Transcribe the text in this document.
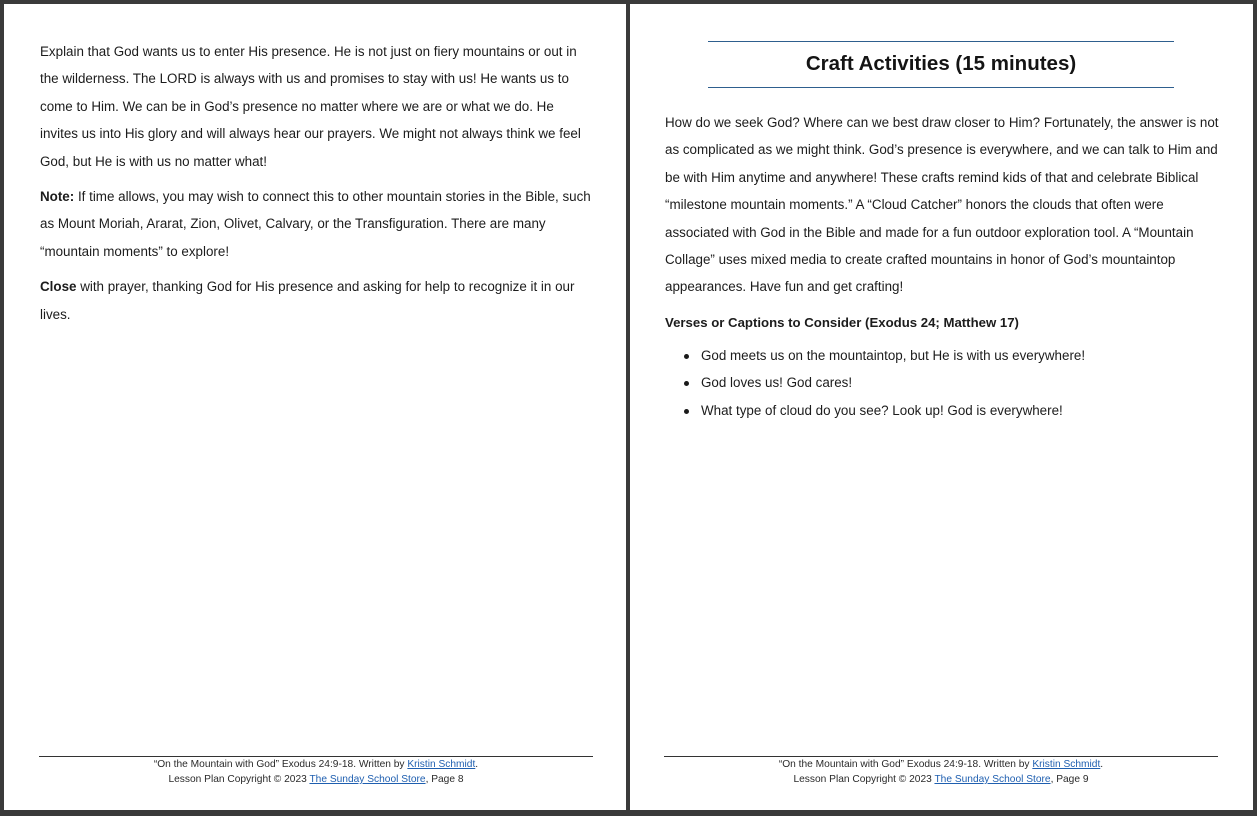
Explain that God wants us to enter His presence. He is not just on fiery mountains or out in the wilderness. The LORD is always with us and promises to stay with us! He wants us to come to Him. We can be in God’s presence no matter where we are or what we do. He invites us into His glory and will always hear our prayers. We might not always think we feel God, but He is with us no matter what!

Note: If time allows, you may wish to connect this to other mountain stories in the Bible, such as Mount Moriah, Ararat, Zion, Olivet, Calvary, or the Transfiguration. There are many “mountain moments” to explore!

Close with prayer, thanking God for His presence and asking for help to recognize it in our lives.

“On the Mountain with God” Exodus 24:9-18. Written by Kristin Schmidt.
Lesson Plan Copyright © 2023 The Sunday School Store, Page 8
Craft Activities (15 minutes)

How do we seek God? Where can we best draw closer to Him? Fortunately, the answer is not as complicated as we might think. God’s presence is everywhere, and we can talk to Him and be with Him anytime and anywhere! These crafts remind kids of that and celebrate Biblical “milestone mountain moments.” A “Cloud Catcher” honors the clouds that often were associated with God in the Bible and made for a fun outdoor exploration tool. A “Mountain Collage” uses mixed media to create crafted mountains in honor of God’s mountaintop appearances. Have fun and get crafting!

Verses or Captions to Consider (Exodus 24; Matthew 17)

God meets us on the mountaintop, but He is with us everywhere!
God loves us! God cares!
What type of cloud do you see? Look up! God is everywhere!
“On the Mountain with God” Exodus 24:9-18. Written by Kristin Schmidt.
Lesson Plan Copyright © 2023 The Sunday School Store, Page 9
